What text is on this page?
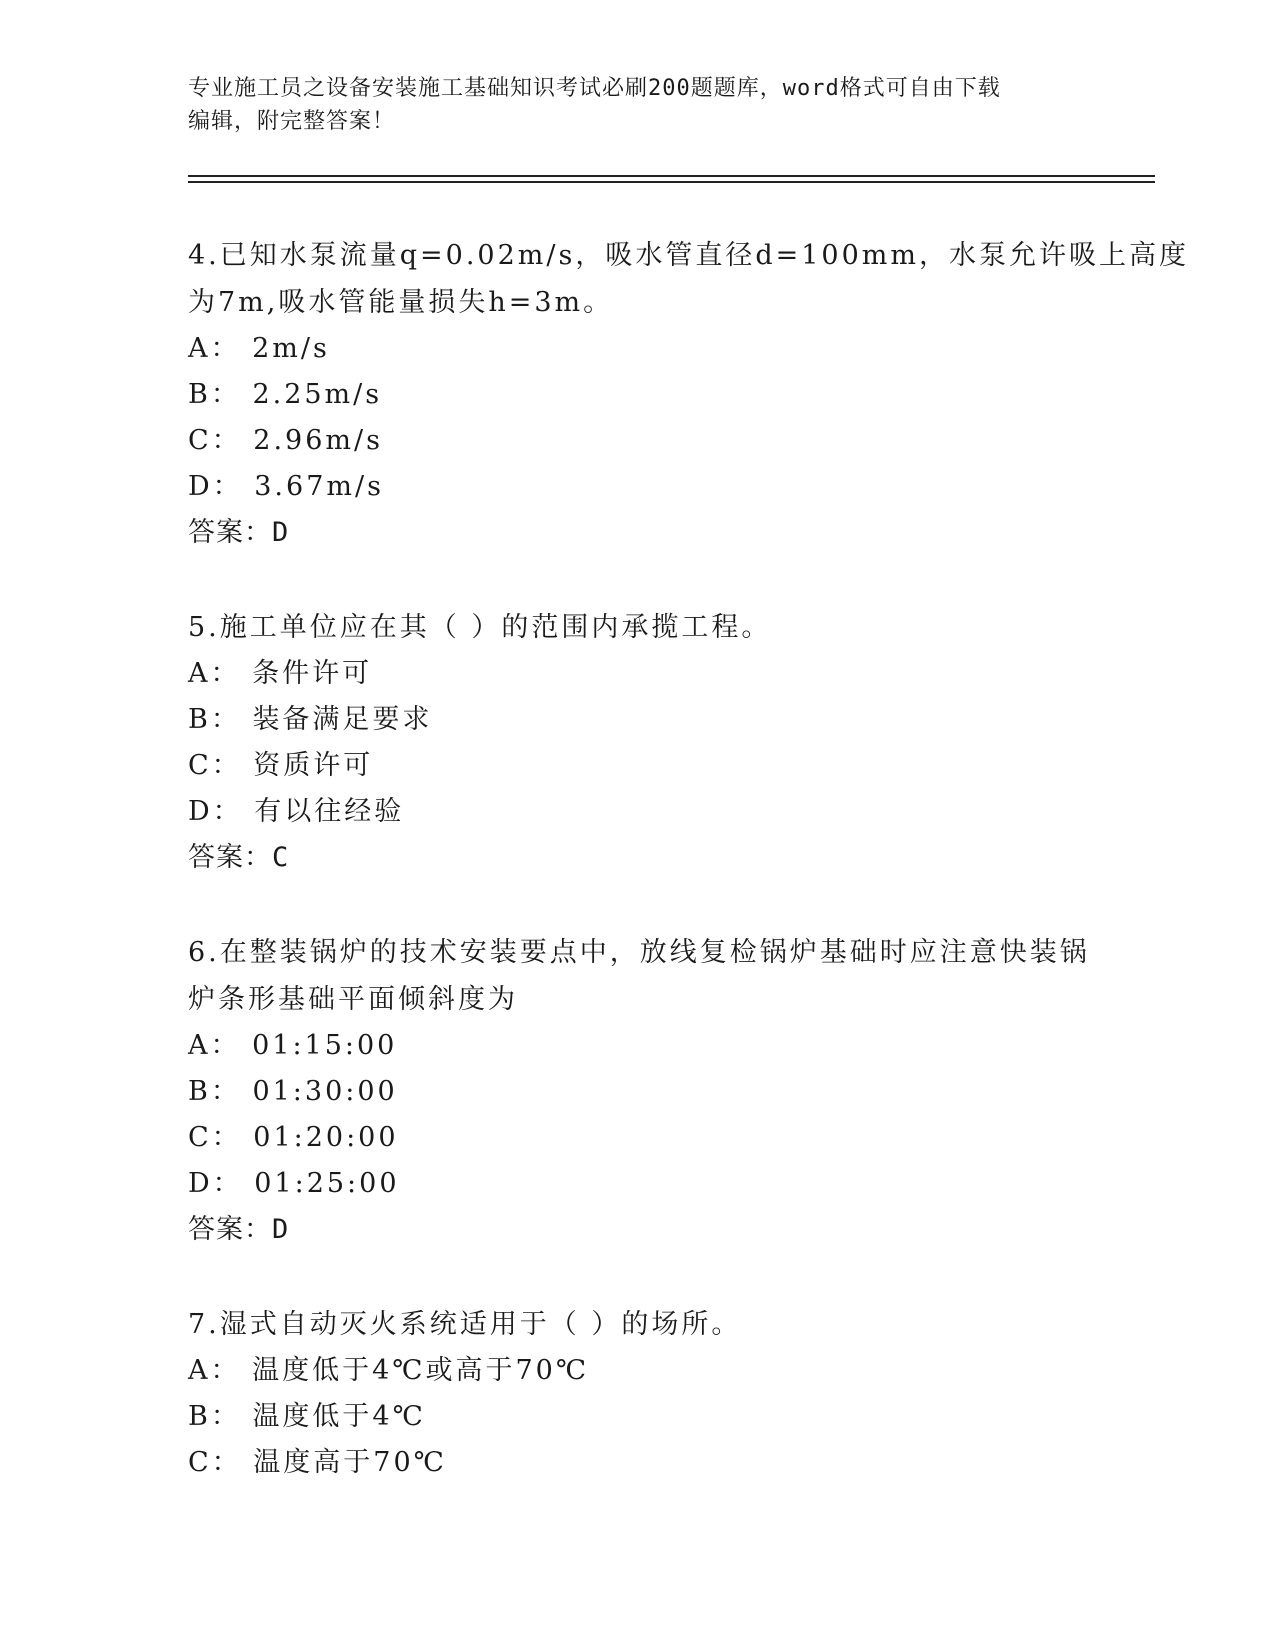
专业施工员之设备安装施工基础知识考试必刷200题题库，word格式可自由下载
编辑，附完整答案！
4.已知水泵流量q=0.02m/s，吸水管直径d=100mm，水泵允许吸上高度
为7m,吸水管能量损失h=3m。
A： 2m/s
B： 2.25m/s
C： 2.96m/s
D： 3.67m/s
答案：D
5.施工单位应在其（ ）的范围内承揽工程。
A： 条件许可
B： 装备满足要求
C： 资质许可
D： 有以往经验
答案：C
6.在整装锅炉的技术安装要点中，放线复检锅炉基础时应注意快装锅
炉条形基础平面倾斜度为
A： 01:15:00
B： 01:30:00
C： 01:20:00
D： 01:25:00
答案：D
7.湿式自动灭火系统适用于（ ）的场所。
A： 温度低于4℃或高于70℃
B： 温度低于4℃
C： 温度高于70℃
